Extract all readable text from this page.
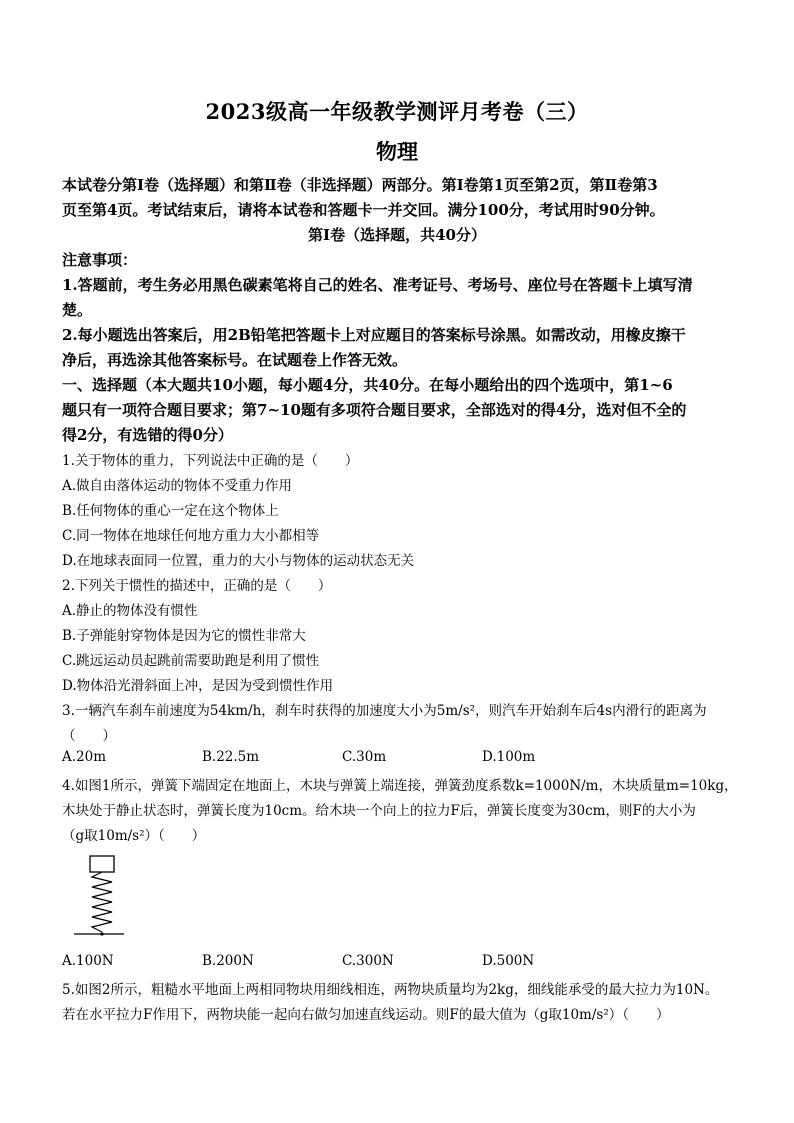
2023级高一年级教学测评月考卷（三）
物理
本试卷分第Ⅰ卷（选择题）和第Ⅱ卷（非选择题）两部分。第Ⅰ卷第1页至第2页，第Ⅱ卷第3
页至第4页。考试结束后，请将本试卷和答题卡一并交回。满分100分，考试用时90分钟。
第Ⅰ卷（选择题，共40分）
注意事项：
1.答题前，考生务必用黑色碳素笔将自己的姓名、准考证号、考场号、座位号在答题卡上填写清
楚。
2.每小题选出答案后，用2B铅笔把答题卡上对应题目的答案标号涂黑。如需改动，用橡皮擦干
净后，再选涂其他答案标号。在试题卷上作答无效。
一、选择题（本大题共10小题，每小题4分，共40分。在每小题给出的四个选项中，第1~6
题只有一项符合题目要求；第7~10题有多项符合题目要求，全部选对的得4分，选对但不全的
得2分，有选错的得0分）
1.关于物体的重力，下列说法中正确的是（　　）
A.做自由落体运动的物体不受重力作用
B.任何物体的重心一定在这个物体上
C.同一物体在地球任何地方重力大小都相等
D.在地球表面同一位置，重力的大小与物体的运动状态无关
2.下列关于惯性的描述中，正确的是（　　）
A.静止的物体没有惯性
B.子弹能射穿物体是因为它的惯性非常大
C.跳远运动员起跳前需要助跑是利用了惯性
D.物体沿光滑斜面上冲，是因为受到惯性作用
3.一辆汽车刹车前速度为54km/h，刹车时获得的加速度大小为5m/s²，则汽车开始刹车后4s内滑行的距离为
（　　）
A.20m	B.22.5m	C.30m	D.100m
4.如图1所示，弹簧下端固定在地面上，木块与弹簧上端连接，弹簧劲度系数k=1000N/m，木块质量m=10kg，
木块处于静止状态时，弹簧长度为10cm。给木块一个向上的拉力F后，弹簧长度变为30cm，则F的大小为
（g取10m/s²）（　　）
A.100N	B.200N	C.300N	D.500N
5.如图2所示，粗糙水平地面上两相同物块用细线相连，两物块质量均为2kg，细线能承受的最大拉力为10N。
若在水平拉力F作用下，两物块能一起向右做匀加速直线运动。则F的最大值为（g取10m/s²）（　　）
